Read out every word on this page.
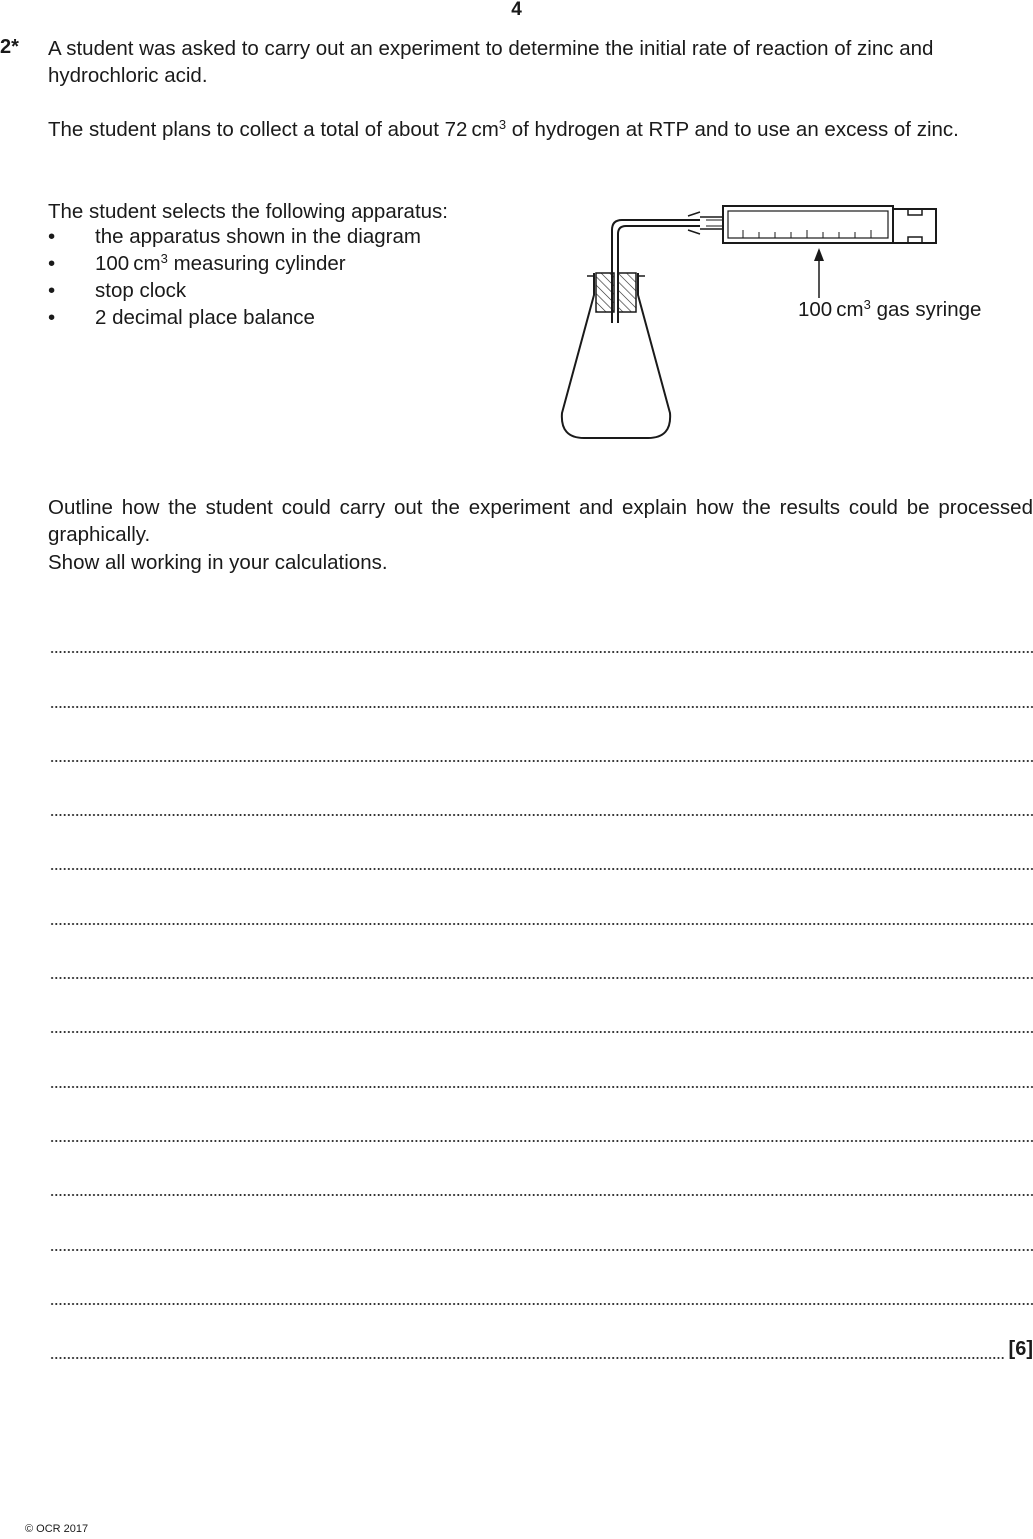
4
2* A student was asked to carry out an experiment to determine the initial rate of reaction of zinc and hydrochloric acid.
The student plans to collect a total of about 72 $cm^3$ of hydrogen at RTP and to use an excess of zinc.
The student selects the following apparatus:
•	the apparatus shown in the diagram
•	100 $cm^3$ measuring cylinder
•	stop clock
•	2 decimal place balance	100 $cm^3$ gas syringe
Outline how the student could carry out the experiment and explain how the results could be processed graphically.
Show all working in your calculations.
[6]
© OCR 2017
